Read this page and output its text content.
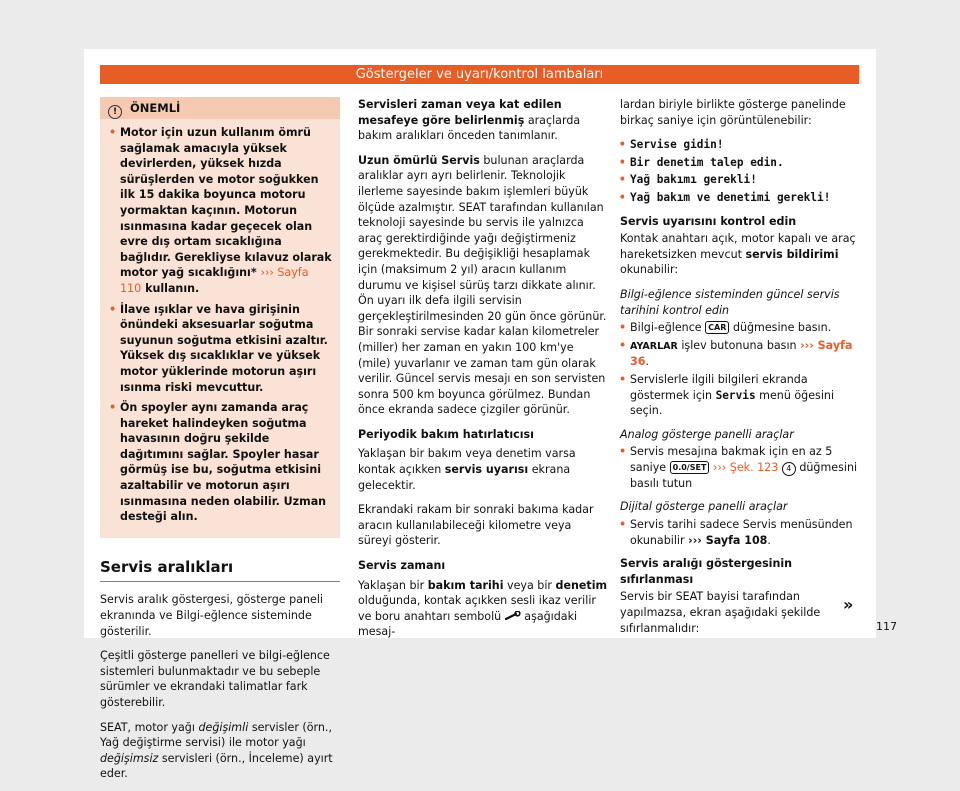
Göstergeler ve uyarı/kontrol lambaları
! ÖNEMLİ
• Motor için uzun kullanım ömrü sağlamak amacıyla yüksek devirlerden, yüksek hızda sürüşlerden ve motor soğukken ilk 15 dakika boyunca motoru yormaktan kaçının. Motorun ısınmasına kadar geçecek olan evre dış ortam sıcaklığına bağlıdır. Gerekliyse kılavuz olarak motor yağ sıcaklığını* ››› Sayfa 110 kullanın.
• İlave ışıklar ve hava girişinin önündeki aksesuarlar soğutma suyunun soğutma etkisini azaltır. Yüksek dış sıcaklıklar ve yüksek motor yüklerinde motorun aşırı ısınma riski mevcuttur.
• Ön spoyler aynı zamanda araç hareket halindeyken soğutma havasının doğru şekilde dağıtımını sağlar. Spoyler hasar görmüş ise bu, soğutma etkisini azaltabilir ve motorun aşırı ısınmasına neden olabilir. Uzman desteği alın.
Servis aralıkları

Servis aralık göstergesi, gösterge paneli ekranında ve Bilgi-eğlence sisteminde gösterilir.

Çeşitli gösterge panelleri ve bilgi-eğlence sistemleri bulunmaktadır ve bu sebeple sürümler ve ekrandaki talimatlar fark gösterebilir.

SEAT, motor yağı değişimli servisler (örn., Yağ değiştirme servisi) ile motor yağı değişimsiz servisleri (örn., İnceleme) ayırt eder.

Servisleri zaman veya kat edilen mesafeye göre belirlenmiş araçlarda bakım aralıkları önceden tanımlanır.

Uzun ömürlü Servis bulunan araçlarda aralıklar ayrı ayrı belirlenir. Teknolojik ilerleme sayesinde bakım işlemleri büyük ölçüde azalmıştır. SEAT tarafından kullanılan teknoloji sayesinde bu servis ile yalnızca araç gerektirdiğinde yağı değiştirmeniz gerekmektedir. Bu değişikliği hesaplamak için (maksimum 2 yıl) aracın kullanım durumu ve kişisel sürüş tarzı dikkate alınır. Ön uyarı ilk defa ilgili servisin gerçekleştirilmesinden 20 gün önce görünür. Bir sonraki servise kadar kalan kilometreler (miller) her zaman en yakın 100 km'ye (mile) yuvarlanır ve zaman tam gün olarak verilir. Güncel servis mesajı en son servisten sonra 500 km boyunca görülmez. Bundan önce ekranda sadece çizgiler görünür.

Periyodik bakım hatırlatıcısı

Yaklaşan bir bakım veya denetim varsa kontak açıkken servis uyarısı ekrana gelecektir.

Ekrandaki rakam bir sonraki bakıma kadar aracın kullanılabileceği kilometre veya süreyi gösterir.

Servis zamanı

Yaklaşan bir bakım tarihi veya bir denetim olduğunda, kontak açıkken sesli ikaz verilir ve boru anahtarı sembolü aşağıdaki mesaj-

lardan biriyle birlikte gösterge panelinde birkaç saniye için görüntülenebilir:

• Servise gidin!
• Bir denetim talep edin.
• Yağ bakımı gerekli!
• Yağ bakım ve denetimi gerekli!

Servis uyarısını kontrol edin

Kontak anahtarı açık, motor kapalı ve araç hareketsizken mevcut servis bildirimi okunabilir:

Bilgi-eğlence sisteminden güncel servis tarihini kontrol edin

• Bilgi-eğlence CAR düğmesine basın.
• AYARLAR işlev butonuna basın ››› Sayfa 36.
• Servislerle ilgili bilgileri ekranda göstermek için Servis menü öğesini seçin.

Analog gösterge panelli araçlar

• Servis mesajına bakmak için en az 5 saniye 0.0/SET ››› Şek. 123 4 düğmesini basılı tutun

Dijital gösterge panelli araçlar

• Servis tarihi sadece Servis menüsünden okunabilir ››› Sayfa 108.

Servis aralığı göstergesinin sıfırlanması

Servis bir SEAT bayisi tarafından yapılmazsa, ekran aşağıdaki şekilde sıfırlanmalıdır:

»
117
